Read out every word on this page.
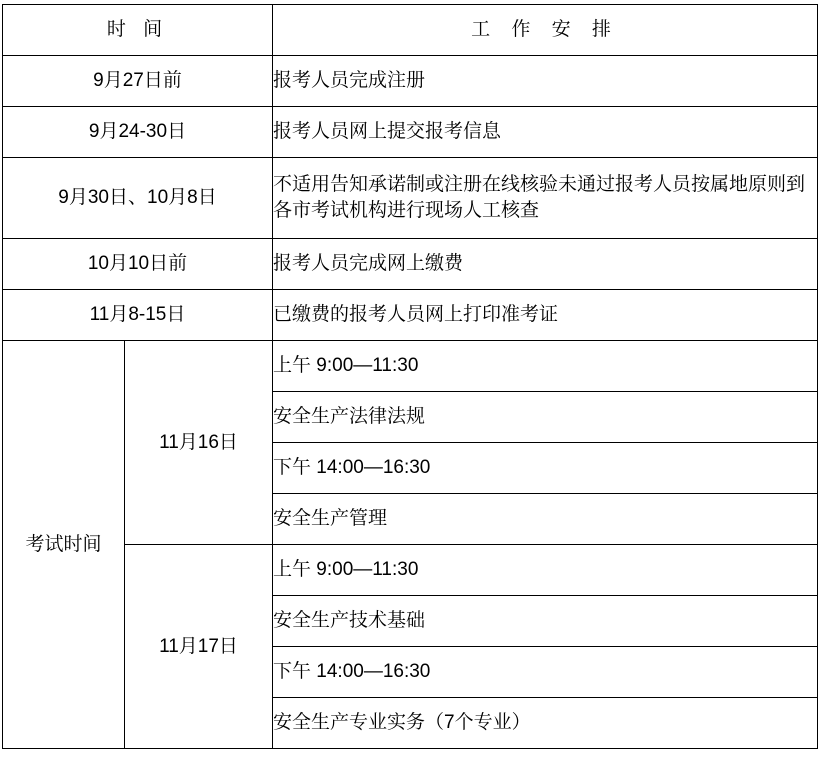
时 间		工 作 安 排
9月27日前		报考人员完成注册
9月24-30日		报考人员网上提交报考信息
9月30日、10月8日		不适用告知承诺制或注册在线核验未通过报考人员按属地原则到各市考试机构进行现场人工核查
10月10日前		报考人员完成网上缴费
11月8-15日		已缴费的报考人员网上打印准考证
考试时间	11月16日	上午 9:00—11:30
		安全生产法律法规
		下午 14:00—16:30
		安全生产管理
	11月17日	上午 9:00—11:30
		安全生产技术基础
		下午 14:00—16:30
		安全生产专业实务（7个专业）
